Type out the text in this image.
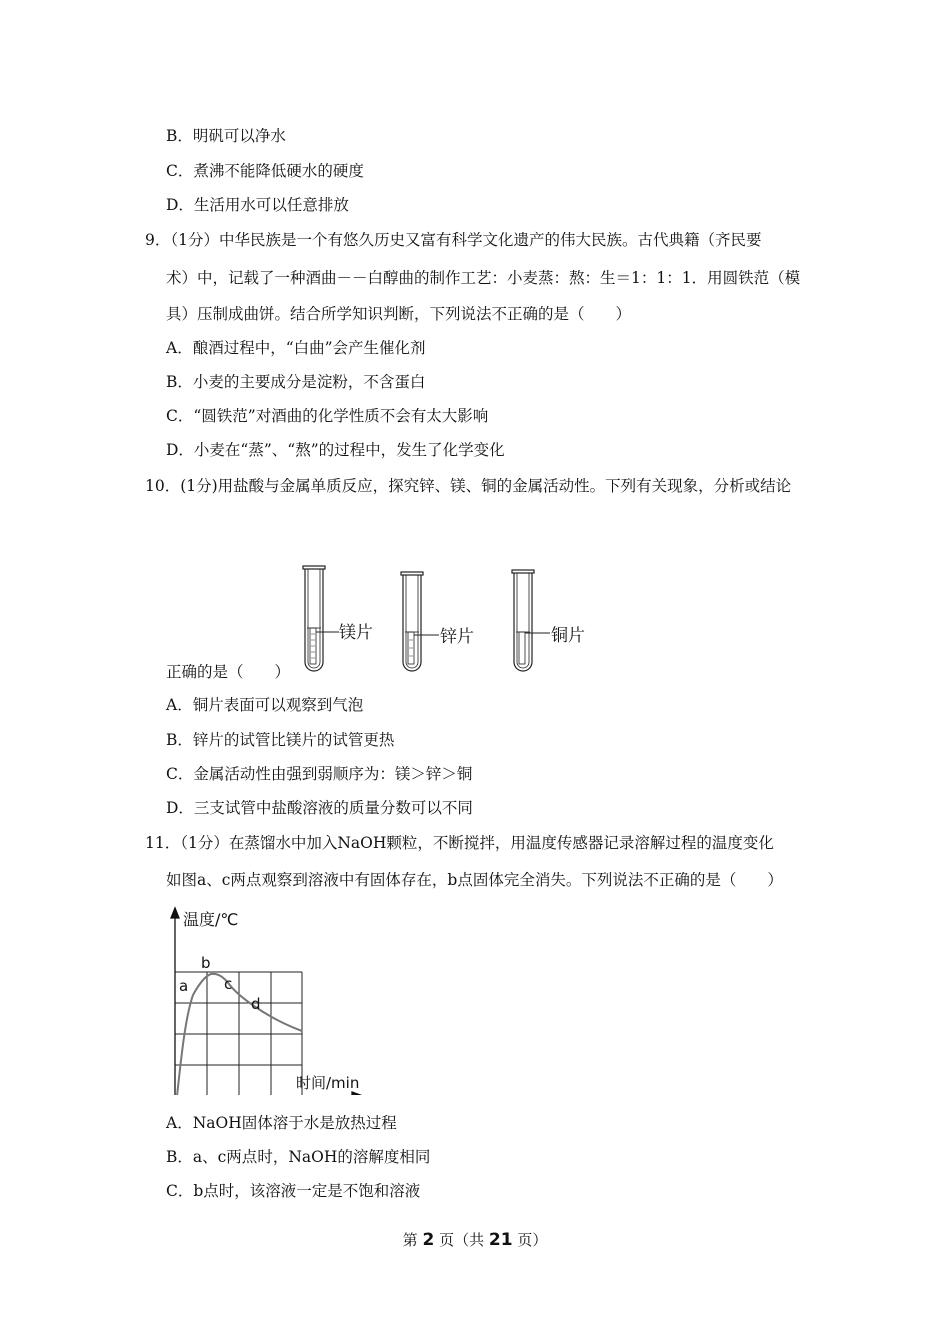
B．明矾可以净水
C．煮沸不能降低硬水的硬度
D．生活用水可以任意排放
9．（1分）中华民族是一个有悠久历史又富有科学文化遗产的伟大民族。古代典籍（齐民要
术）中，记载了一种酒曲－－白醇曲的制作工艺：小麦蒸：熬：生＝1：1：1．用圆铁范（模
具）压制成曲饼。结合所学知识判断，下列说法不正确的是（　　）
A．酿酒过程中，“白曲”会产生催化剂
B．小麦的主要成分是淀粉，不含蛋白
C．“圆铁范”对酒曲的化学性质不会有太大影响
D．小麦在“蒸”、“熬”的过程中，发生了化学变化
10．(1分)用盐酸与金属单质反应，探究锌、镁、铜的金属活动性。下列有关现象，分析或结论
镁片	锌片	铜片
正确的是（　　）
A．铜片表面可以观察到气泡
B．锌片的试管比镁片的试管更热
C．金属活动性由强到弱顺序为：镁＞锌＞铜
D．三支试管中盐酸溶液的质量分数可以不同
11．（1分）在蒸馏水中加入NaOH颗粒，不断搅拌，用温度传感器记录溶解过程的温度变化
如图a、c两点观察到溶液中有固体存在，b点固体完全消失。下列说法不正确的是（　　）
温度/℃
a
b
c
d
时间/min
A．NaOH固体溶于水是放热过程
B．a、c两点时，NaOH的溶解度相同
C．b点时，该溶液一定是不饱和溶液
第 2 页（共 21 页）
